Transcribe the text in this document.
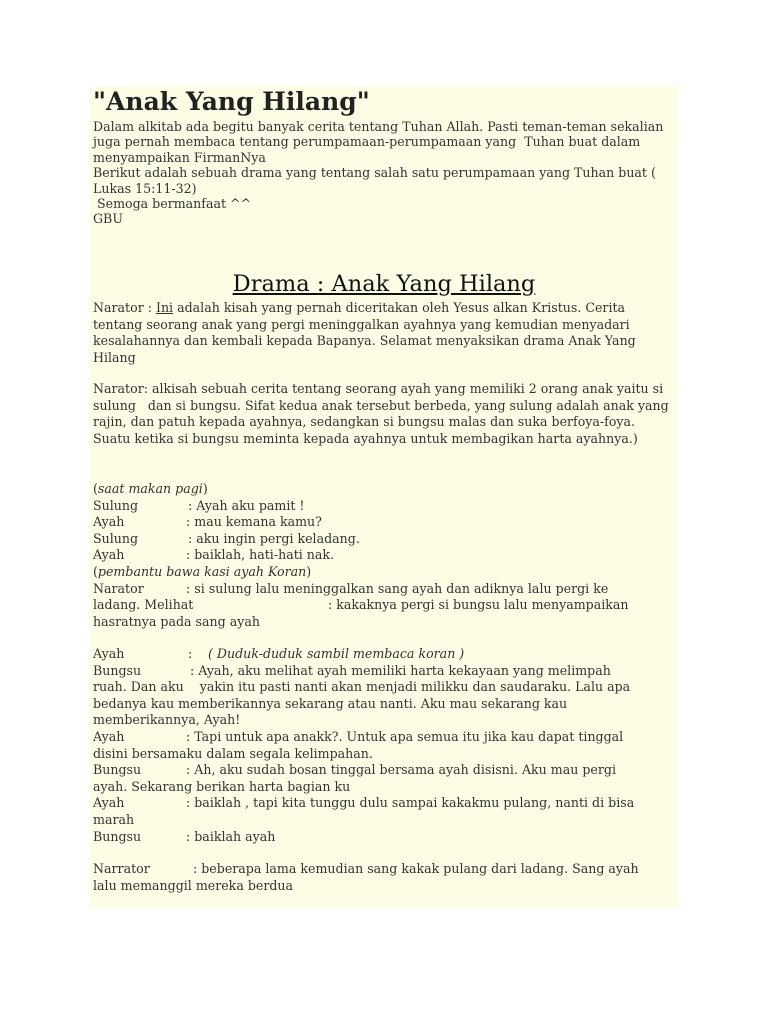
"Anak Yang Hilang"
Dalam alkitab ada begitu banyak cerita tentang Tuhan Allah. Pasti teman-teman sekalian
juga pernah membaca tentang perumpamaan-perumpamaan yang  Tuhan buat dalam
menyampaikan FirmanNya
Berikut adalah sebuah drama yang tentang salah satu perumpamaan yang Tuhan buat (
Lukas 15:11-32)
Semoga bermanfaat ^^
GBU
Drama : Anak Yang Hilang
Narator : Ini adalah kisah yang pernah diceritakan oleh Yesus alkan Kristus. Cerita tentang seorang anak yang pergi meninggalkan ayahnya yang kemudian menyadari kesalahannya dan kembali kepada Bapanya. Selamat menyaksikan drama Anak Yang Hilang
Narator: alkisah sebuah cerita tentang seorang ayah yang memiliki 2 orang anak yaitu si sulung   dan si bungsu. Sifat kedua anak tersebut berbeda, yang sulung adalah anak yang rajin, dan patuh kepada ayahnya, sedangkan si bungsu malas dan suka berfoya-foya. Suatu ketika si bungsu meminta kepada ayahnya untuk membagikan harta ayahnya.)
(saat makan pagi)
Sulung	: Ayah aku pamit !
Ayah	: mau kemana kamu?
Sulung	: aku ingin pergi keladang.
Ayah	: baiklah, hati-hati nak.
(pembantu bawa kasi ayah Koran)
Narator	: si sulung lalu meninggalkan sang ayah dan adiknya lalu pergi ke
ladang. Melihat	: kakaknya pergi si bungsu lalu menyampaikan
hasratnya pada sang ayah
Ayah	: ( Duduk-duduk sambil membaca koran )
Bungsu	: Ayah, aku melihat ayah memiliki harta kekayaan yang melimpah
ruah. Dan aku    yakin itu pasti nanti akan menjadi milikku dan saudaraku. Lalu apa
bedanya kau memberikannya sekarang atau nanti. Aku mau sekarang kau
memberikannya, Ayah!
Ayah	: Tapi untuk apa anakk?. Untuk apa semua itu jika kau dapat tinggal
disini bersamaku dalam segala kelimpahan.
Bungsu	: Ah, aku sudah bosan tinggal bersama ayah disisni. Aku mau pergi
ayah. Sekarang berikan harta bagian ku
Ayah	: baiklah , tapi kita tunggu dulu sampai kakakmu pulang, nanti di bisa
marah
Bungsu	: baiklah ayah
Narrator	: beberapa lama kemudian sang kakak pulang dari ladang. Sang ayah
lalu memanggil mereka berdua
